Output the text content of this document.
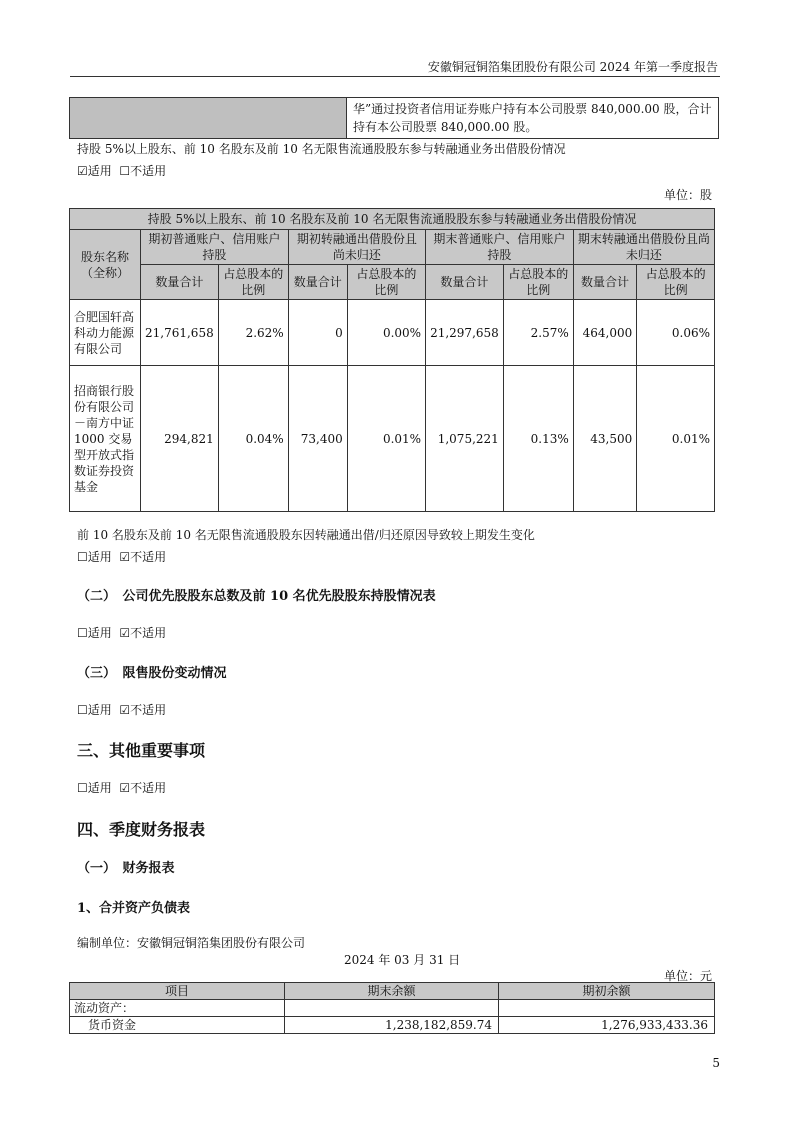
安徽铜冠铜箔集团股份有限公司 2024 年第一季度报告
	华”通过投资者信用证券账户持有本公司股票 840,000.00 股，合计持有本公司股票 840,000.00 股。
持股 5%以上股东、前 10 名股东及前 10 名无限售流通股股东参与转融通业务出借股份情况
☑适用 ☐不适用
单位：股
持股 5%以上股东、前 10 名股东及前 10 名无限售流通股股东参与转融通业务出借股份情况								
股东名称（全称）	期初普通账户、信用账户持股		期初转融通出借股份且尚未归还		期末普通账户、信用账户持股		期末转融通出借股份且尚未归还	
	数量合计	占总股本的比例	数量合计	占总股本的比例	数量合计	占总股本的比例	数量合计	占总股本的比例
合肥国轩高科动力能源有限公司	21,761,658	2.62%	0	0.00%	21,297,658	2.57%	464,000	0.06%
招商银行股份有限公司－南方中证 1000 交易型开放式指数证券投资基金	294,821	0.04%	73,400	0.01%	1,075,221	0.13%	43,500	0.01%
前 10 名股东及前 10 名无限售流通股股东因转融通出借/归还原因导致较上期发生变化
☐适用 ☑不适用
（二）　公司优先股股东总数及前 10 名优先股股东持股情况表
☐适用 ☑不适用
（三）　限售股份变动情况
☐适用 ☑不适用
三、其他重要事项
☐适用 ☑不适用
四、季度财务报表
（一）　财务报表
1、合并资产负债表
编制单位：安徽铜冠铜箔集团股份有限公司
2024 年 03 月 31 日
单位：元
项目	期末余额	期初余额
流动资产：		
货币资金	1,238,182,859.74	1,276,933,433.36
5
